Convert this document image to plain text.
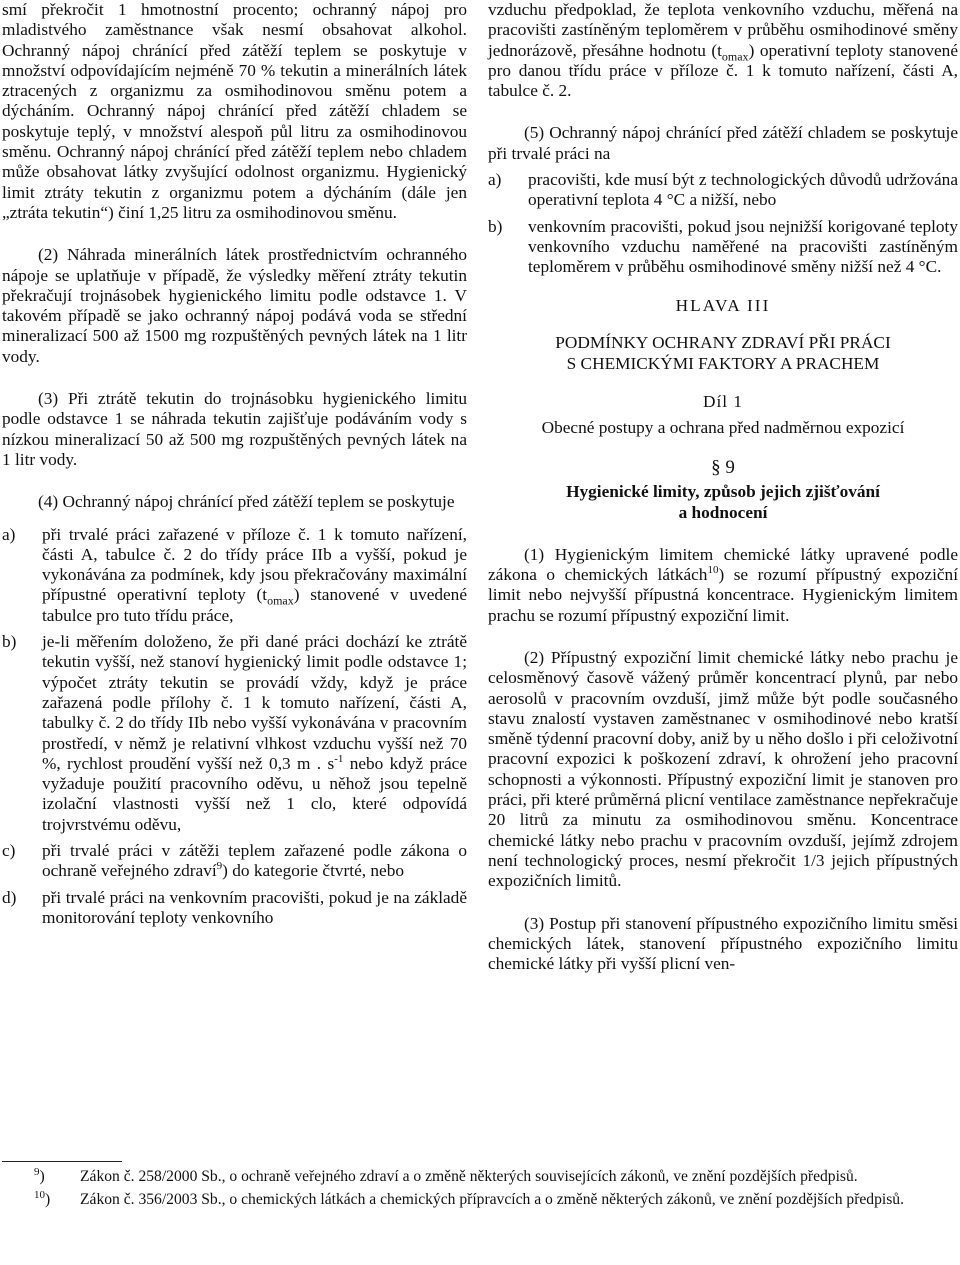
smí překročit 1 hmotnostní procento; ochranný nápoj pro mladistvého zaměstnance však nesmí obsahovat alkohol. Ochranný nápoj chránící před zátěží teplem se poskytuje v množství odpovídajícím nejméně 70 % tekutin a minerálních látek ztracených z organizmu za osmihodinovou směnu potem a dýcháním. Ochranný nápoj chránící před zátěží chladem se poskytuje teplý, v množství alespoň půl litru za osmihodinovou směnu. Ochranný nápoj chránící před zátěží teplem nebo chladem může obsahovat látky zvyšující odolnost organizmu. Hygienický limit ztráty tekutin z organizmu potem a dýcháním (dále jen „ztráta tekutin“) činí 1,25 litru za osmihodinovou směnu.

(2) Náhrada minerálních látek prostřednictvím ochranného nápoje se uplatňuje v případě, že výsledky měření ztráty tekutin překračují trojnásobek hygienického limitu podle odstavce 1. V takovém případě se jako ochranný nápoj podává voda se střední mineralizací 500 až 1500 mg rozpuštěných pevných látek na 1 litr vody.

(3) Při ztrátě tekutin do trojnásobku hygienického limitu podle odstavce 1 se náhrada tekutin zajišťuje podáváním vody s nízkou mineralizací 50 až 500 mg rozpuštěných pevných látek na 1 litr vody.

(4) Ochranný nápoj chránící před zátěží teplem se poskytuje

a) při trvalé práci zařazené v příloze č. 1 k tomuto nařízení, části A, tabulce č. 2 do třídy práce IIb a vyšší, pokud je vykonávána za podmínek, kdy jsou překračovány maximální přípustné operativní teploty $(t_{omax})$ stanovené v uvedené tabulce pro tuto třídu práce,
b) je-li měřením doloženo, že při dané práci dochází ke ztrátě tekutin vyšší, než stanoví hygienický limit podle odstavce 1; výpočet ztráty tekutin se provádí vždy, když je práce zařazená podle přílohy č. 1 k tomuto nařízení, části A, tabulky č. 2 do třídy IIb nebo vyšší vykonávána v pracovním prostředí, v němž je relativní vlhkost vzduchu vyšší než 70 %, rychlost proudění vyšší než 0,3 m . $s^{-1}$ nebo když práce vyžaduje použití pracovního oděvu, u něhož jsou tepelně izolační vlastnosti vyšší než 1 clo, které odpovídá trojvrstvému oděvu,
c) při trvalé práci v zátěži teplem zařazené podle zákona o ochraně veřejného zdraví$^9$) do kategorie čtvrté, nebo
d) při trvalé práci na venkovním pracovišti, pokud je na základě monitorování teploty venkovního

vzduchu předpoklad, že teplota venkovního vzduchu, měřená na pracovišti zastíněným teploměrem v průběhu osmihodinové směny jednorázově, přesáhne hodnotu $(t_{omax})$ operativní teploty stanovené pro danou třídu práce v příloze č. 1 k tomuto nařízení, části A, tabulce č. 2.

(5) Ochranný nápoj chránící před zátěží chladem se poskytuje při trvalé práci na

a) pracovišti, kde musí být z technologických důvodů udržována operativní teplota 4 °C a nižší, nebo
b) venkovním pracovišti, pokud jsou nejnižší korigované teploty venkovního vzduchu naměřené na pracovišti zastíněným teploměrem v průběhu osmihodinové směny nižší než 4 °C.
HLAVA III
PODMÍNKY OCHRANY ZDRAVÍ PŘI PRÁCI
S CHEMICKÝMI FAKTORY A PRACHEM
Díl 1
Obecné postupy a ochrana před nadměrnou expozicí
§ 9
Hygienické limity, způsob jejich zjišťování
a hodnocení

(1) Hygienickým limitem chemické látky upravené podle zákona o chemických látkách$^{10}$) se rozumí přípustný expoziční limit nebo nejvyšší přípustná koncentrace. Hygienickým limitem prachu se rozumí přípustný expoziční limit.

(2) Přípustný expoziční limit chemické látky nebo prachu je celosměnový časově vážený průměr koncentrací plynů, par nebo aerosolů v pracovním ovzduší, jimž může být podle současného stavu znalostí vystaven zaměstnanec v osmihodinové nebo kratší směně týdenní pracovní doby, aniž by u něho došlo i při celoživotní pracovní expozici k poškození zdraví, k ohrožení jeho pracovní schopnosti a výkonnosti. Přípustný expoziční limit je stanoven pro práci, při které průměrná plicní ventilace zaměstnance nepřekračuje 20 litrů za minutu za osmihodinovou směnu. Koncentrace chemické látky nebo prachu v pracovním ovzduší, jejímž zdrojem není technologický proces, nesmí překročit 1/3 jejich přípustných expozičních limitů.

(3) Postup při stanovení přípustného expozičního limitu směsi chemických látek, stanovení přípustného expozičního limitu chemické látky při vyšší plicní ven-

$^9$) Zákon č. 258/2000 Sb., o ochraně veřejného zdraví a o změně některých souvisejících zákonů, ve znění pozdějších předpisů.
$^{10}$) Zákon č. 356/2003 Sb., o chemických látkách a chemických přípravcích a o změně některých zákonů, ve znění pozdějších předpisů.
